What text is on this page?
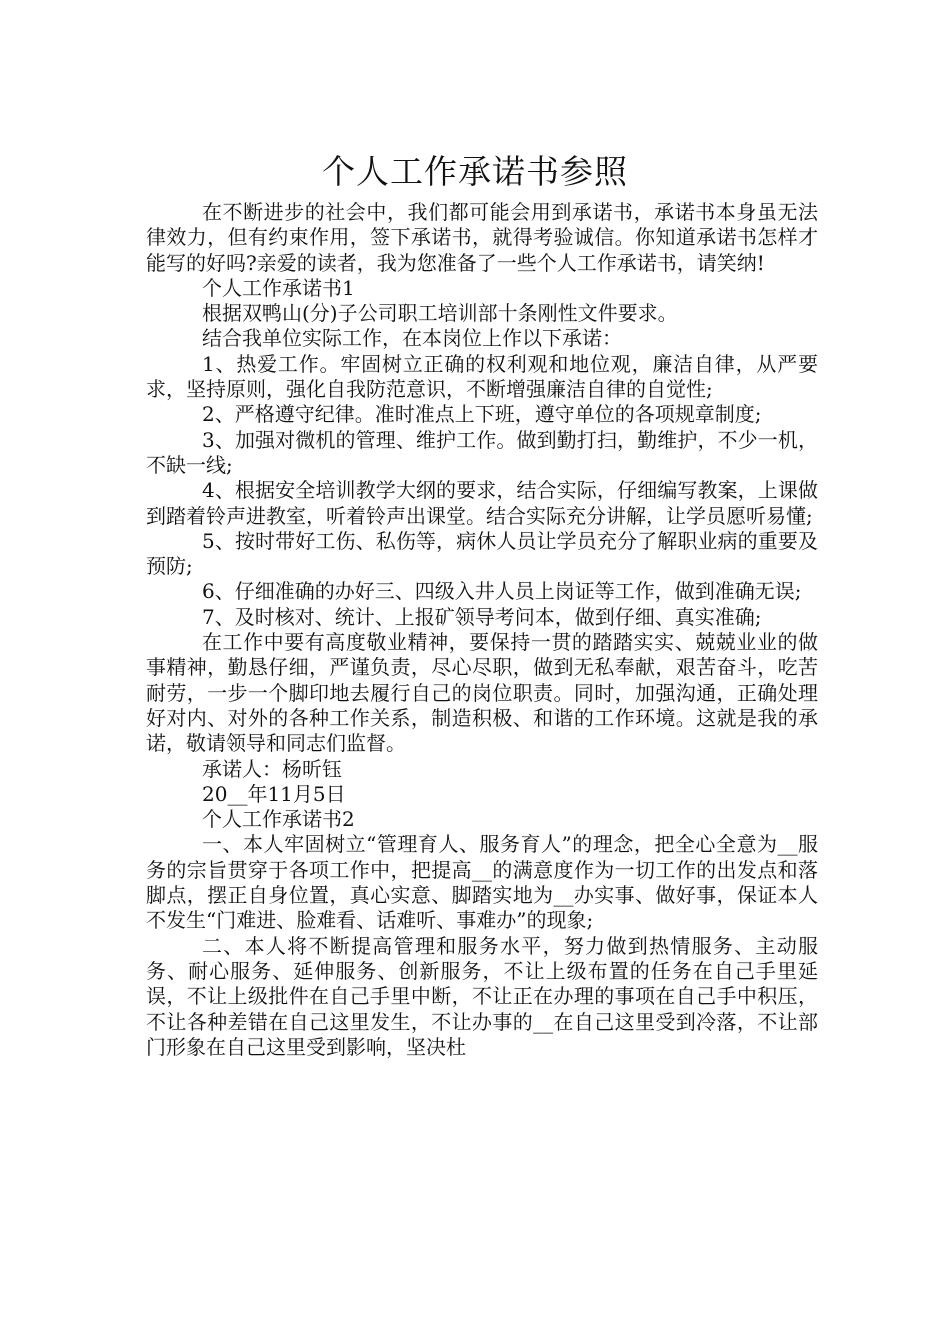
个人工作承诺书参照

在不断进步的社会中，我们都可能会用到承诺书，承诺书本身虽无法律效力，但有约束作用，签下承诺书，就得考验诚信。你知道承诺书怎样才能写的好吗?亲爱的读者，我为您准备了一些个人工作承诺书，请笑纳!

个人工作承诺书1

根据双鸭山(分)子公司职工培训部十条刚性文件要求。

结合我单位实际工作，在本岗位上作以下承诺：

1、热爱工作。牢固树立正确的权利观和地位观，廉洁自律，从严要求，坚持原则，强化自我防范意识，不断增强廉洁自律的自觉性;

2、严格遵守纪律。准时准点上下班，遵守单位的各项规章制度;

3、加强对微机的管理、维护工作。做到勤打扫，勤维护，不少一机，不缺一线;

4、根据安全培训教学大纲的要求，结合实际，仔细编写教案，上课做到踏着铃声进教室，听着铃声出课堂。结合实际充分讲解，让学员愿听易懂;

5、按时带好工伤、私伤等，病休人员让学员充分了解职业病的重要及预防;

6、仔细准确的办好三、四级入井人员上岗证等工作，做到准确无误;

7、及时核对、统计、上报矿领导考问本，做到仔细、真实准确;

在工作中要有高度敬业精神，要保持一贯的踏踏实实、兢兢业业的做事精神，勤恳仔细，严谨负责，尽心尽职，做到无私奉献，艰苦奋斗，吃苦耐劳，一步一个脚印地去履行自己的岗位职责。同时，加强沟通，正确处理好对内、对外的各种工作关系，制造积极、和谐的工作环境。这就是我的承诺，敬请领导和同志们监督。

承诺人：杨昕钰

20__年11月5日

个人工作承诺书2

一、本人牢固树立“管理育人、服务育人”的理念，把全心全意为__服务的宗旨贯穿于各项工作中，把提高__的满意度作为一切工作的出发点和落脚点，摆正自身位置，真心实意、脚踏实地为__办实事、做好事，保证本人不发生“门难进、脸难看、话难听、事难办”的现象;

二、本人将不断提高管理和服务水平，努力做到热情服务、主动服务、耐心服务、延伸服务、创新服务，不让上级布置的任务在自己手里延误，不让上级批件在自己手里中断，不让正在办理的事项在自己手中积压，不让各种差错在自己这里发生，不让办事的__在自己这里受到冷落，不让部门形象在自己这里受到影响，坚决杜
